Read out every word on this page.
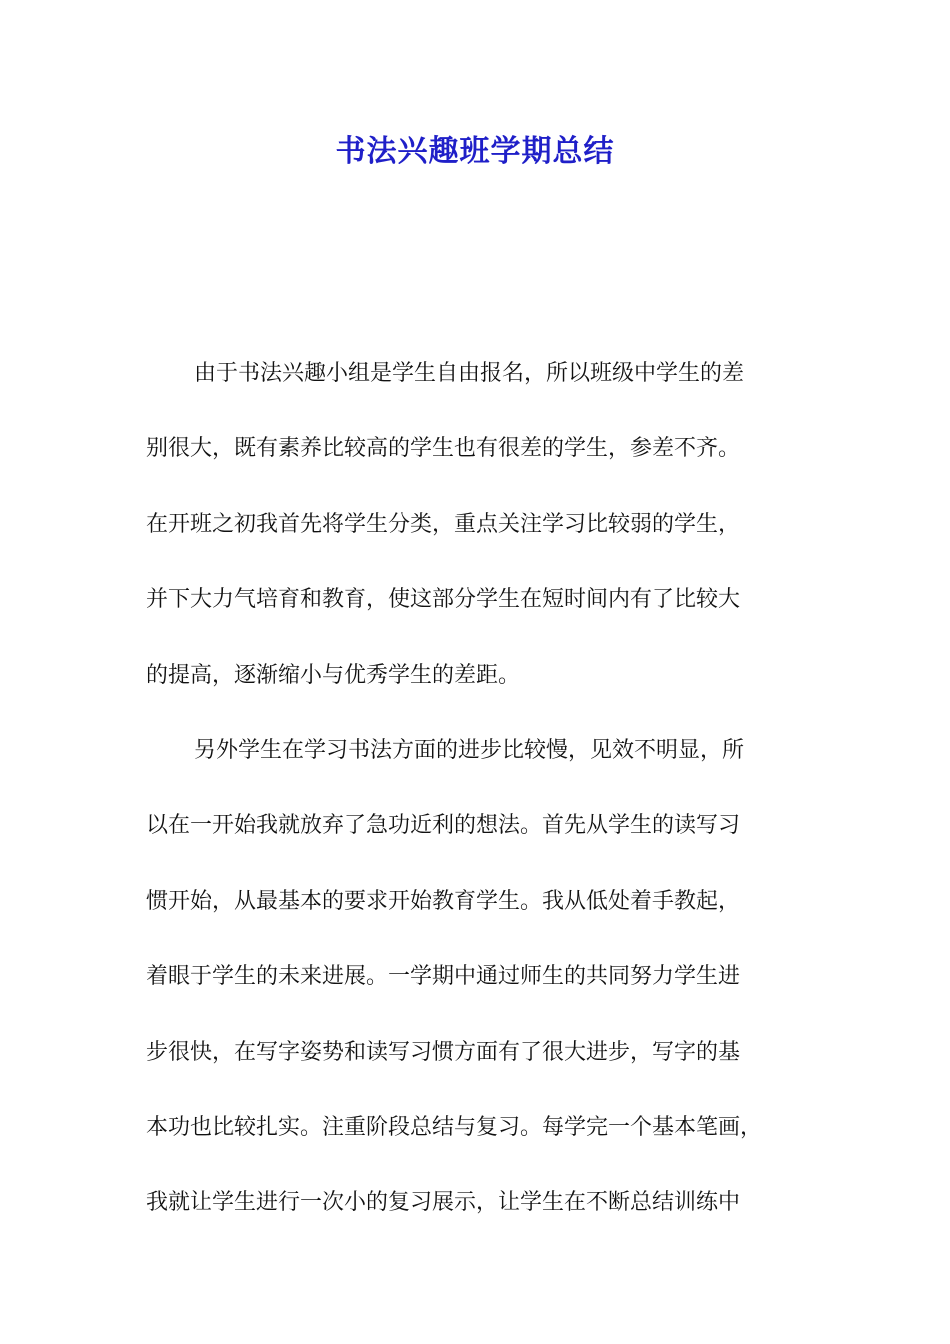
书法兴趣班学期总结
由于书法兴趣小组是学生自由报名，所以班级中学生的差
别很大，既有素养比较高的学生也有很差的学生，参差不齐。
在开班之初我首先将学生分类，重点关注学习比较弱的学生，
并下大力气培育和教育，使这部分学生在短时间内有了比较大
的提高，逐渐缩小与优秀学生的差距。
另外学生在学习书法方面的进步比较慢，见效不明显，所
以在一开始我就放弃了急功近利的想法。首先从学生的读写习
惯开始，从最基本的要求开始教育学生。我从低处着手教起，
着眼于学生的未来进展。一学期中通过师生的共同努力学生进
步很快，在写字姿势和读写习惯方面有了很大进步，写字的基
本功也比较扎实。注重阶段总结与复习。每学完一个基本笔画，
我就让学生进行一次小的复习展示，让学生在不断总结训练中
